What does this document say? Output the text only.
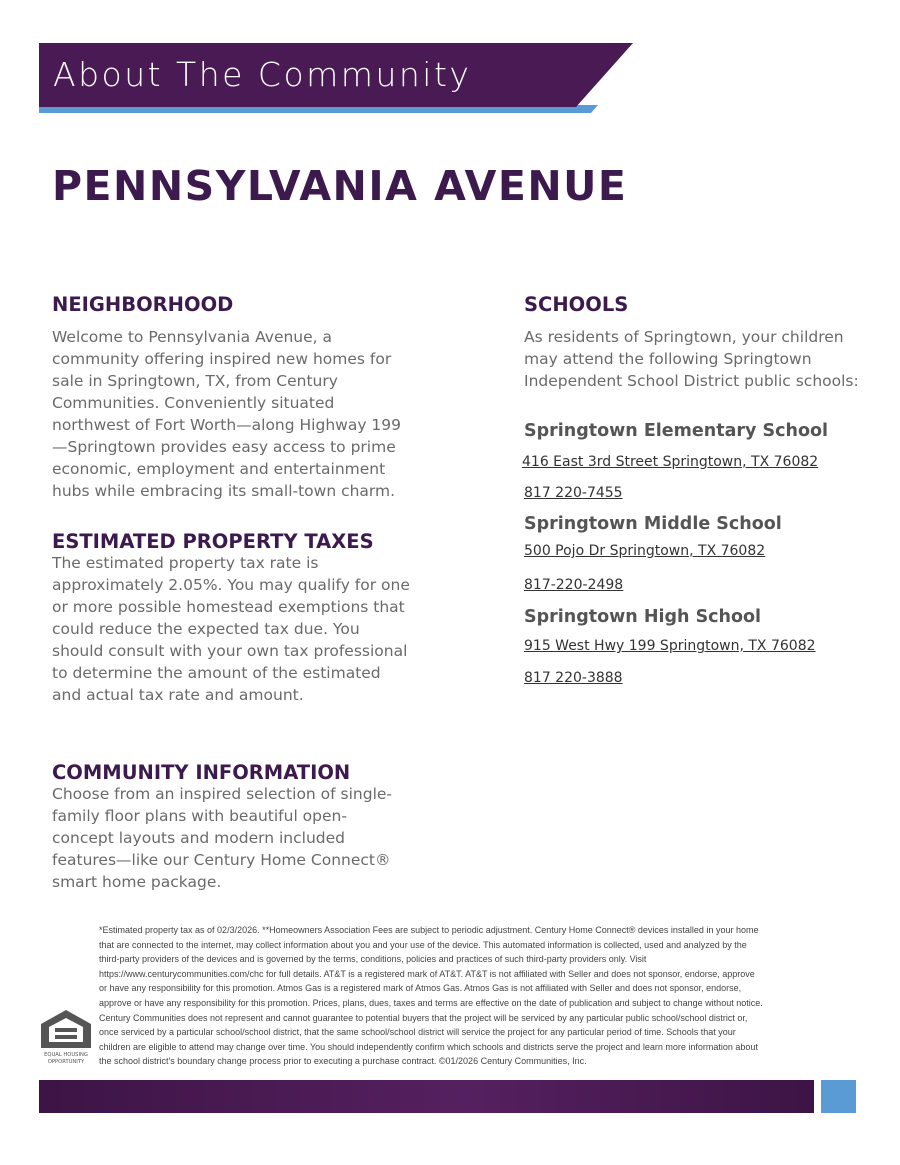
About The Community
PENNSYLVANIA AVENUE
NEIGHBORHOOD
Welcome to Pennsylvania Avenue, a
community offering inspired new homes for
sale in Springtown, TX, from Century
Communities. Conveniently situated
northwest of Fort Worth—along Highway 199
—Springtown provides easy access to prime
economic, employment and entertainment
hubs while embracing its small-town charm.
ESTIMATED PROPERTY TAXES
The estimated property tax rate is
approximately 2.05%. You may qualify for one
or more possible homestead exemptions that
could reduce the expected tax due. You
should consult with your own tax professional
to determine the amount of the estimated
and actual tax rate and amount.
COMMUNITY INFORMATION
Choose from an inspired selection of single-
family floor plans with beautiful open-
concept layouts and modern included
features—like our Century Home Connect®
smart home package.
SCHOOLS
As residents of Springtown, your children
may attend the following Springtown
Independent School District public schools:
Springtown Elementary School
416 East 3rd Street Springtown, TX 76082
817 220-7455
Springtown Middle School
500 Pojo Dr Springtown, TX 76082
817-220-2498
Springtown High School
915 West Hwy 199 Springtown, TX 76082
817 220-3888
*Estimated property tax as of 02/3/2026. **Homeowners Association Fees are subject to periodic adjustment. Century Home Connect® devices installed in your home
that are connected to the internet, may collect information about you and your use of the device. This automated information is collected, used and analyzed by the
third-party providers of the devices and is governed by the terms, conditions, policies and practices of such third-party providers only. Visit
https://www.centurycommunities.com/chc for full details. AT&T is a registered mark of AT&T. AT&T is not affiliated with Seller and does not sponsor, endorse, approve
or have any responsibility for this promotion. Atmos Gas is a registered mark of Atmos Gas. Atmos Gas is not affiliated with Seller and does not sponsor, endorse,
approve or have any responsibility for this promotion. Prices, plans, dues, taxes and terms are effective on the date of publication and subject to change without notice.
Century Communities does not represent and cannot guarantee to potential buyers that the project will be serviced by any particular public school/school district or,
once serviced by a particular school/school district, that the same school/school district will service the project for any particular period of time. Schools that your
children are eligible to attend may change over time. You should independently confirm which schools and districts serve the project and learn more information about
the school district's boundary change process prior to executing a purchase contract. ©01/2026 Century Communities, Inc.
EQUAL HOUSING
OPPORTUNITY
